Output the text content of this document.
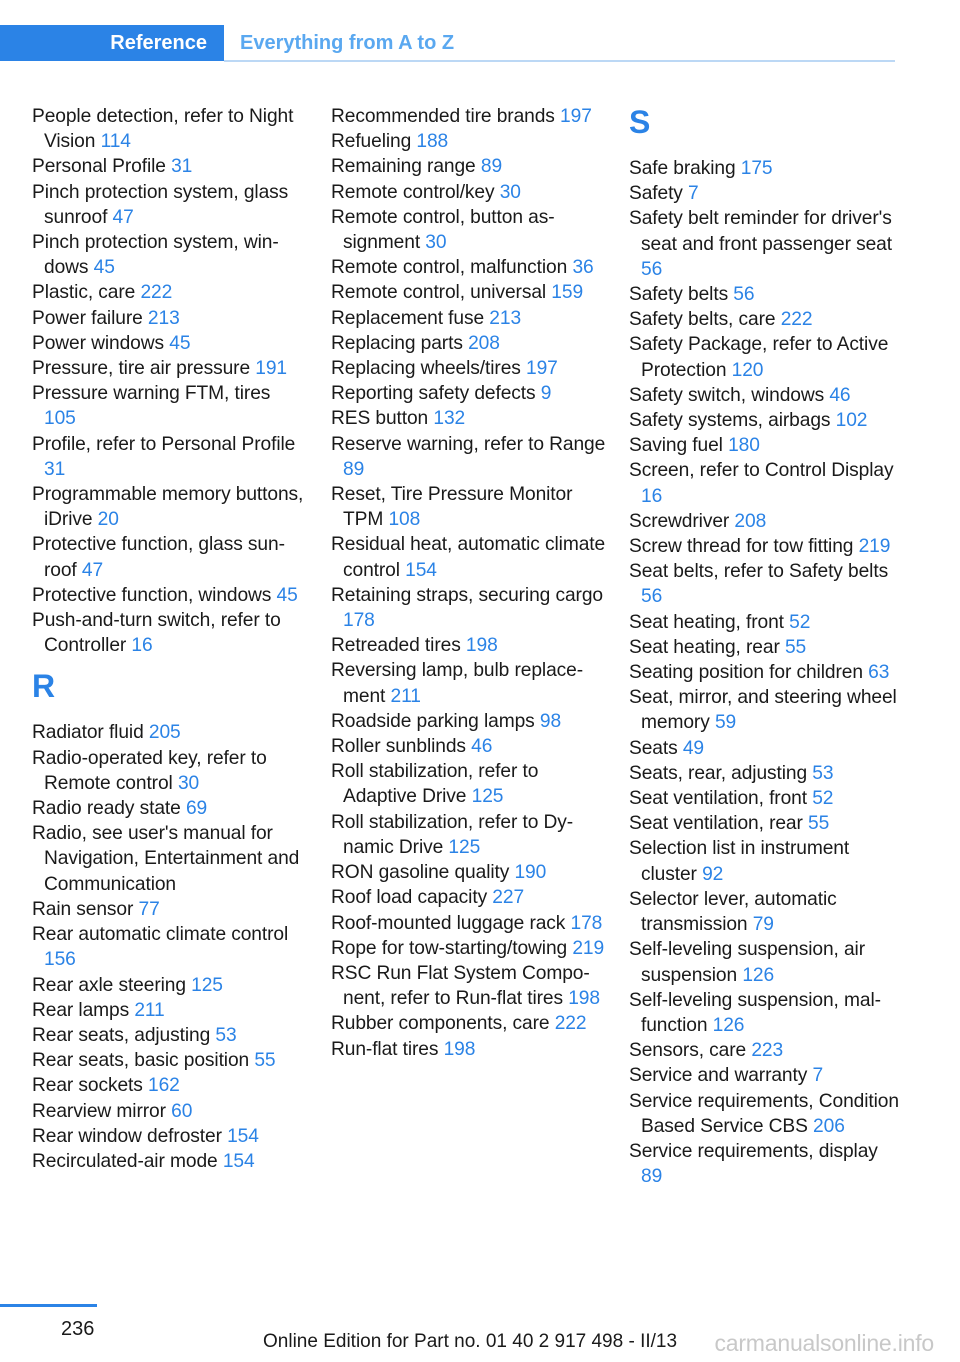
Reference	Everything from A to Z
People detection, refer to Night Vision 114
Personal Profile 31
Pinch protection system, glass sunroof 47
Pinch protection system, windows 45
Plastic, care 222
Power failure 213
Power windows 45
Pressure, tire air pressure 191
Pressure warning FTM, tires 105
Profile, refer to Personal Profile 31
Programmable memory buttons, iDrive 20
Protective function, glass sunroof 47
Protective function, windows 45
Push-and-turn switch, refer to Controller 16
R
Radiator fluid 205
Radio-operated key, refer to Remote control 30
Radio ready state 69
Radio, see user's manual for Navigation, Entertainment and Communication
Rain sensor 77
Rear automatic climate control 156
Rear axle steering 125
Rear lamps 211
Rear seats, adjusting 53
Rear seats, basic position 55
Rear sockets 162
Rearview mirror 60
Rear window defroster 154
Recirculated-air mode 154
Recommended tire brands 197
Refueling 188
Remaining range 89
Remote control/key 30
Remote control, button assignment 30
Remote control, malfunction 36
Remote control, universal 159
Replacement fuse 213
Replacing parts 208
Replacing wheels/tires 197
Reporting safety defects 9
RES button 132
Reserve warning, refer to Range 89
Reset, Tire Pressure Monitor TPM 108
Residual heat, automatic climate control 154
Retaining straps, securing cargo 178
Retreaded tires 198
Reversing lamp, bulb replacement 211
Roadside parking lamps 98
Roller sunblinds 46
Roll stabilization, refer to Adaptive Drive 125
Roll stabilization, refer to Dynamic Drive 125
RON gasoline quality 190
Roof load capacity 227
Roof-mounted luggage rack 178
Rope for tow-starting/towing 219
RSC Run Flat System Component, refer to Run-flat tires 198
Rubber components, care 222
Run-flat tires 198
S
Safe braking 175
Safety 7
Safety belt reminder for driver's seat and front passenger seat 56
Safety belts 56
Safety belts, care 222
Safety Package, refer to Active Protection 120
Safety switch, windows 46
Safety systems, airbags 102
Saving fuel 180
Screen, refer to Control Display 16
Screwdriver 208
Screw thread for tow fitting 219
Seat belts, refer to Safety belts 56
Seat heating, front 52
Seat heating, rear 55
Seating position for children 63
Seat, mirror, and steering wheel memory 59
Seats 49
Seats, rear, adjusting 53
Seat ventilation, front 52
Seat ventilation, rear 55
Selection list in instrument cluster 92
Selector lever, automatic transmission 79
Self-leveling suspension, air suspension 126
Self-leveling suspension, malfunction 126
Sensors, care 223
Service and warranty 7
Service requirements, Condition Based Service CBS 206
Service requirements, display 89
236
Online Edition for Part no. 01 40 2 917 498 - II/13 carmanualsonline.info
